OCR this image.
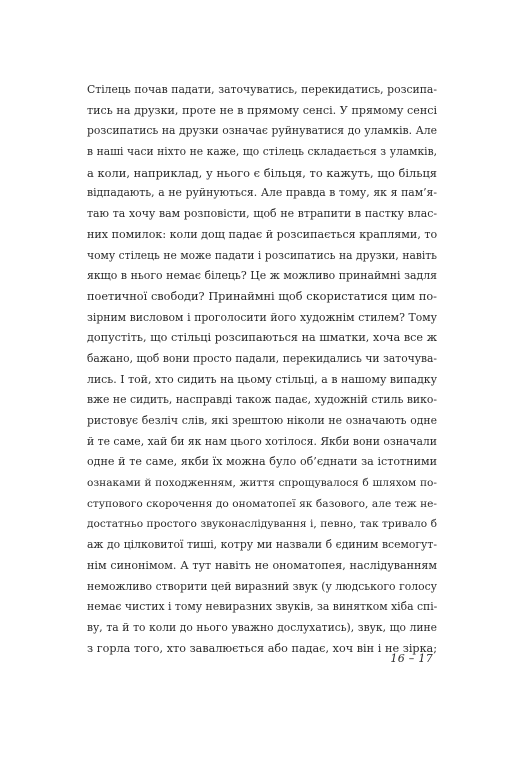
Стілець почав падати, заточуватись, перекидатись, розсипа-
тись на друзки, проте не в прямому сенсі. У прямому сенсі
розсипатись на друзки означає руйнуватися до уламків. Але
в наші часи ніхто не каже, що стілець складається з уламків,
а коли, наприклад, у нього є більця, то кажуть, що більця
відпадають, а не руйнуються. Але правда в тому, як я пам’я-
таю та хочу вам розповісти, щоб не втрапити в пастку влас-
них помилок: коли дощ падає й розсипається краплями, то
чому стілець не може падати і розсипатись на друзки, навіть
якщо в нього немає білець? Це ж можливо принаймні задля
поетичної свободи? Принаймні щоб скористатися цим по-
зірним висловом і проголосити його художнім стилем? Тому
допустіть, що стільці розсипаються на шматки, хоча все ж
бажано, щоб вони просто падали, перекидались чи заточува-
лись. І той, хто сидить на цьому стільці, а в нашому випадку
вже не сидить, насправді також падає, художній стиль вико-
ристовує безліч слів, які зрештою ніколи не означають одне
й те саме, хай би як нам цього хотілося. Якби вони означали
одне й те саме, якби їх можна було об’єднати за істотними
ознаками й походженням, життя спрощувалося б шляхом по-
ступового скорочення до ономатопеї як базового, але теж не-
достатньо простого звуконаслідування і, певно, так тривало б
аж до цілковитої тиші, котру ми назвали б єдиним всемогут-
нім синонімом. А тут навіть не ономатопея, наслідуванням
неможливо створити цей виразний звук (у людського голосу
немає чистих і тому невиразних звуків, за винятком хіба спі-
ву, та й то коли до нього уважно дослухатись), звук, що лине
з горла того, хто завалюється або падає, хоч він і не зірка;
16 – 17
